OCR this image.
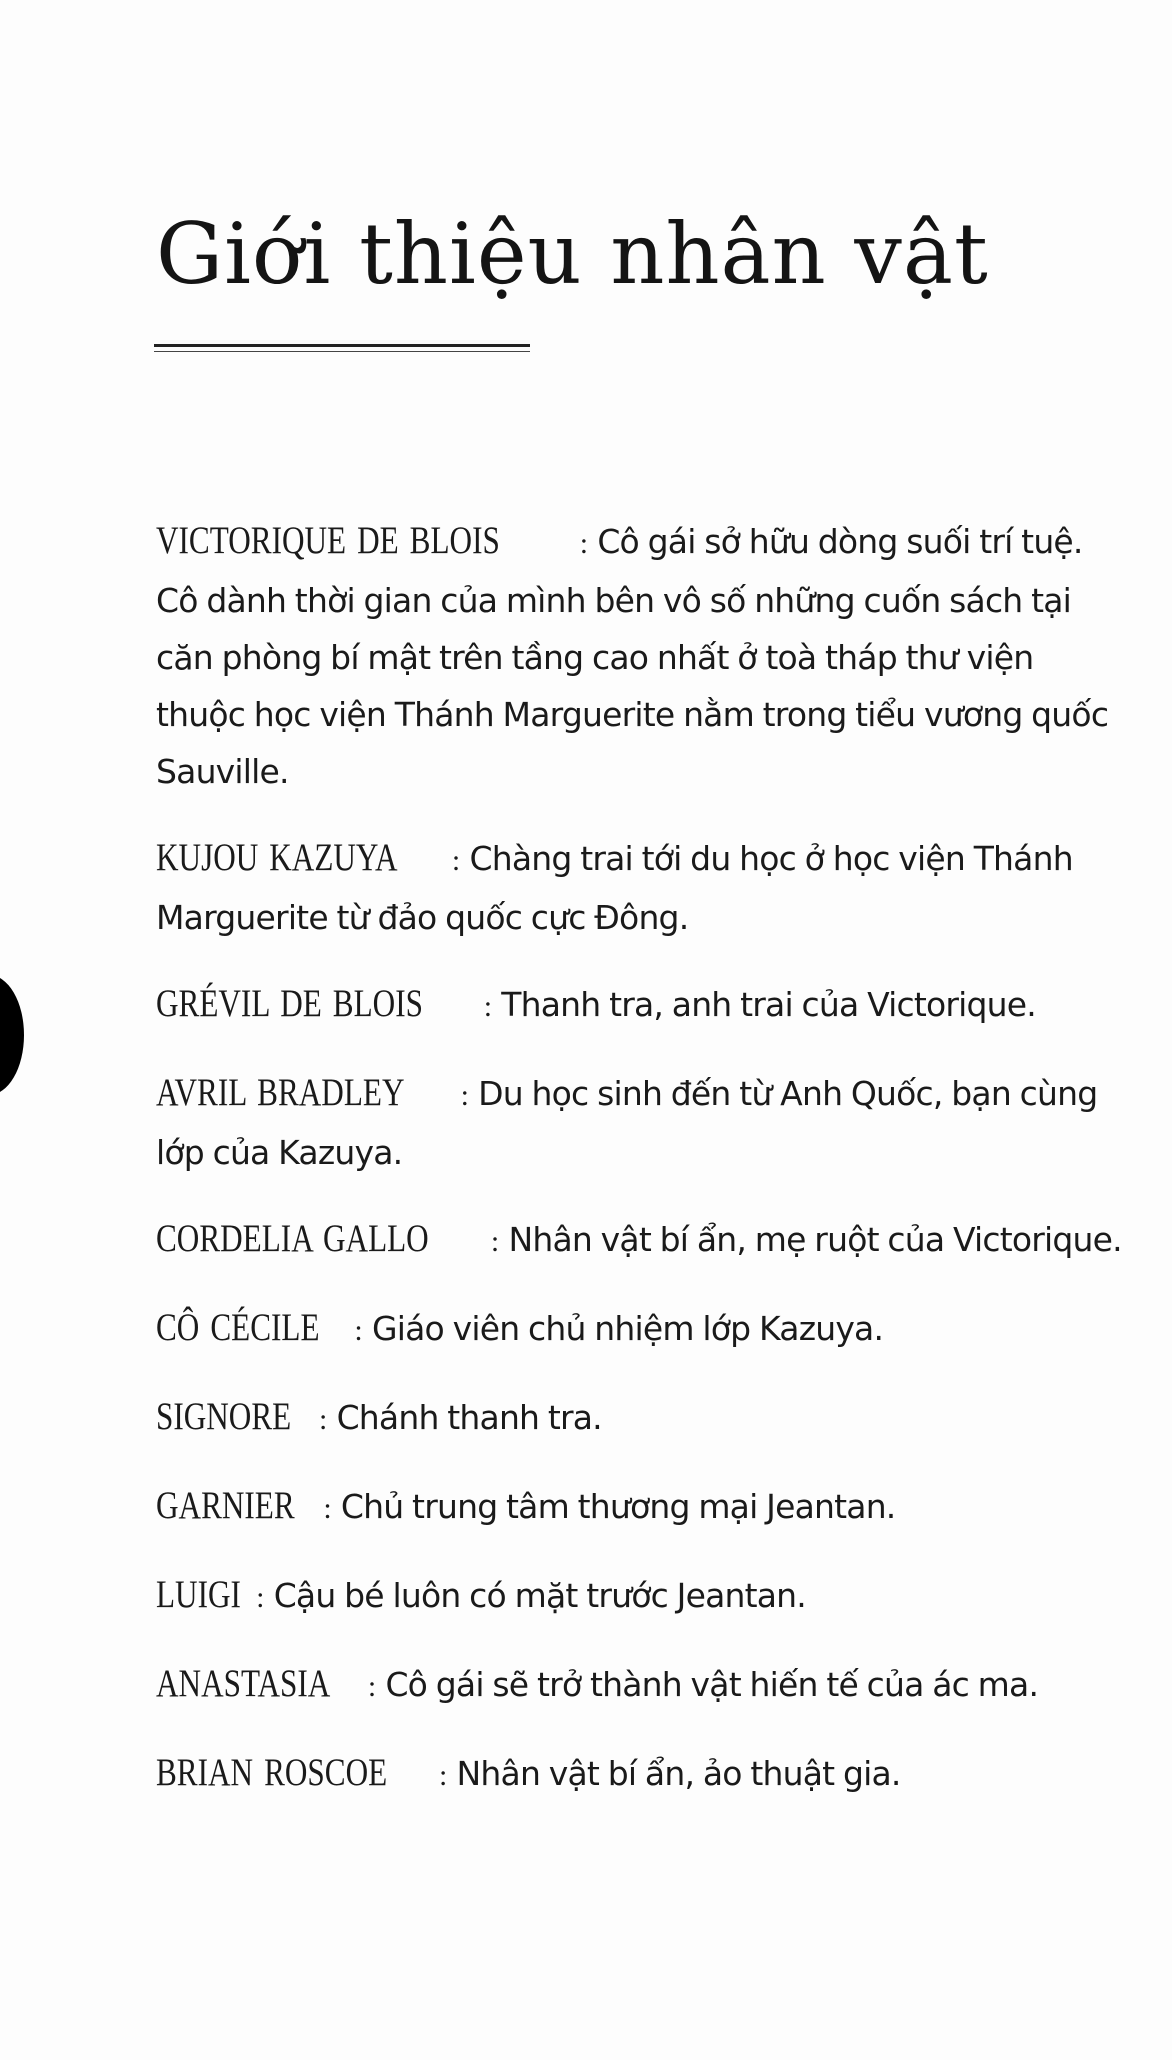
Giới thiệu nhân vật

VICTORIQUE DE BLOIS	: Cô gái sở hữu dòng suối trí tuệ. Cô dành thời gian của mình bên vô số những cuốn sách tại căn phòng bí mật trên tầng cao nhất ở toà tháp thư viện thuộc học viện Thánh Marguerite nằm trong tiểu vương quốc Sauville.

KUJOU KAZUYA : Chàng trai tới du học ở học viện Thánh Marguerite từ đảo quốc cực Đông.

GRÉVIL DE BLOIS : Thanh tra, anh trai của Victorique.

AVRIL BRADLEY : Du học sinh đến từ Anh Quốc, bạn cùng lớp của Kazuya.

CORDELIA GALLO : Nhân vật bí ẩn, mẹ ruột của Victorique.

CÔ CÉCILE : Giáo viên chủ nhiệm lớp Kazuya.

SIGNORE : Chánh thanh tra.

GARNIER : Chủ trung tâm thương mại Jeantan.

LUIGI : Cậu bé luôn có mặt trước Jeantan.

ANASTASIA : Cô gái sẽ trở thành vật hiến tế của ác ma.

BRIAN ROSCOE : Nhân vật bí ẩn, ảo thuật gia.
